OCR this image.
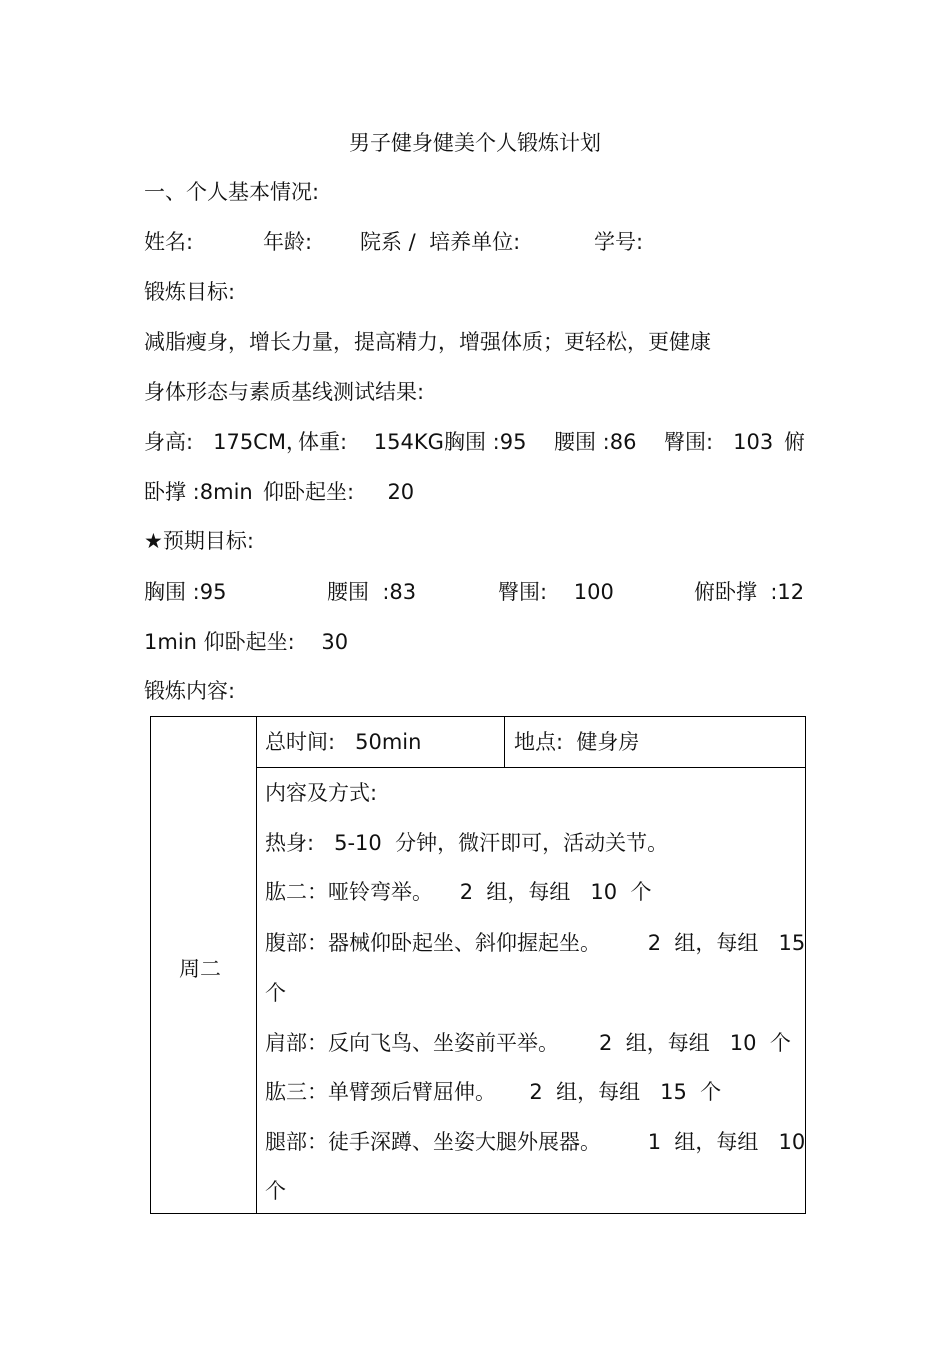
男子健身健美个人锻炼计划
一、个人基本情况:
姓名:	年龄: 院系 /  培养单位:	学号:
锻炼目标:
减脂瘦身，增长力量，提高精力，增强体质；更轻松，更健康
身体形态与素质基线测试结果:
身高:   175CM，
体重:    154KG 胸围 :95 腰围 :86 臀围:   103 俯
卧撑 :8min 仰卧起坐:     20
★预期目标:
胸围 :95	腰围  :83	臀围:    100	俯卧撑  :12
1min 仰卧起坐:    30
锻炼内容:
周二
总时间:   50min	地点:  健身房
内容及方式:
热身:   5-10  分钟，微汗即可，活动关节。
肱二：哑铃弯举。    2  组，每组   10  个
腹部：器械仰卧起坐、斜仰握起坐。       2  组，每组   15
个
肩部：反向飞鸟、坐姿前平举。      2  组，每组   10  个
肱三：单臂颈后臂屈伸。     2  组，每组   15  个
腿部：徒手深蹲、坐姿大腿外展器。       1  组，每组   10
个
